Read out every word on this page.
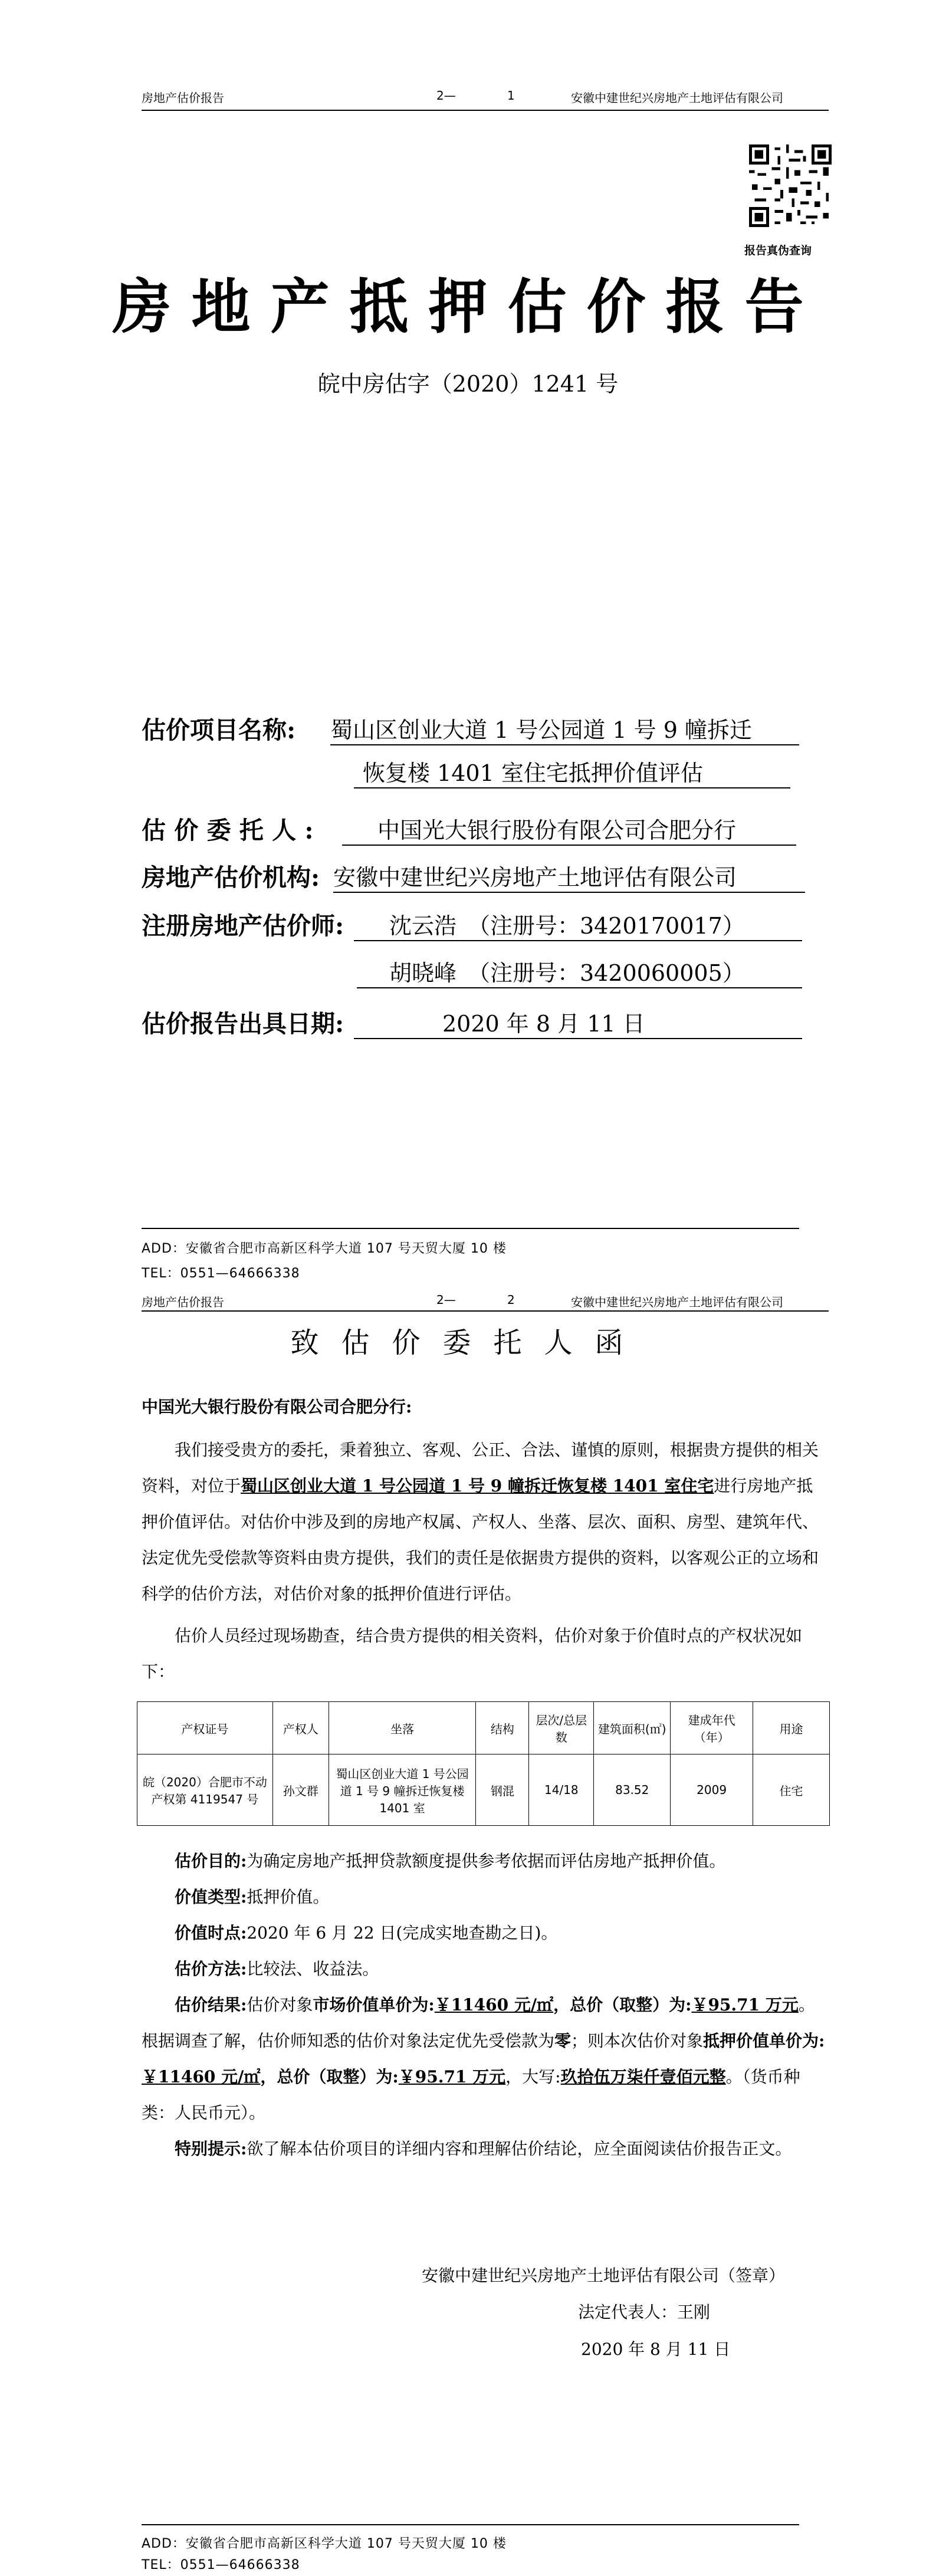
房地产估价报告	2—	1	安徽中建世纪兴房地产土地评估有限公司
报告真伪查询
房地产抵押估价报告
皖中房估字（2020）1241 号
估价项目名称: 蜀山区创业大道 1 号公园道 1 号 9 幢拆迁
恢复楼 1401 室住宅抵押价值评估
估 价 委 托 人 :	中国光大银行股份有限公司合肥分行
房地产估价机构: 安徽中建世纪兴房地产土地评估有限公司
注册房地产估价师: 沈云浩　（注册号：3420170017）
胡晓峰　（注册号：3420060005）
估价报告出具日期:	2020 年 8 月 11 日
ADD：安徽省合肥市高新区科学大道 107 号天贸大厦 10 楼
TEL：0551—64666338
房地产估价报告	2—	2	安徽中建世纪兴房地产土地评估有限公司
致估价委托人函

中国光大银行股份有限公司合肥分行:

我们接受贵方的委托，秉着独立、客观、公正、合法、谨慎的原则，根据贵方提供的相关资料，对位于蜀山区创业大道 1 号公园道 1 号 9 幢拆迁恢复楼 1401 室住宅进行房地产抵押价值评估。对估价中涉及到的房地产权属、产权人、坐落、层次、面积、房型、建筑年代、法定优先受偿款等资料由贵方提供，我们的责任是依据贵方提供的资料，以客观公正的立场和科学的估价方法，对估价对象的抵押价值进行评估。

估价人员经过现场勘查，结合贵方提供的相关资料，估价对象于价值时点的产权状况如下：

产权证号	产权人	坐落	结构	层次/总层数	建筑面积(㎡)	建成年代（年）	用途
皖（2020）合肥市不动产权第 4119547 号	孙文群	蜀山区创业大道 1 号公园道 1 号 9 幢拆迁恢复楼 1401 室	钢混	14/18	83.52	2009	住宅

估价目的:为确定房地产抵押贷款额度提供参考依据而评估房地产抵押价值。

价值类型:抵押价值。

价值时点:2020 年 6 月 22 日(完成实地查勘之日)。

估价方法:比较法、收益法。

估价结果:估价对象市场价值单价为:￥11460 元/㎡，总价（取整）为:￥95.71 万元。根据调查了解，估价师知悉的估价对象法定优先受偿款为零；则本次估价对象抵押价值单价为:￥11460 元/㎡，总价（取整）为:￥95.71 万元，大写:玖拾伍万柒仟壹佰元整。（货币种类：人民币元）。

特别提示:欲了解本估价项目的详细内容和理解估价结论，应全面阅读估价报告正文。

安徽中建世纪兴房地产土地评估有限公司（签章）
法定代表人：王刚
2020 年 8 月 11 日
ADD：安徽省合肥市高新区科学大道 107 号天贸大厦 10 楼
TEL：0551—64666338
